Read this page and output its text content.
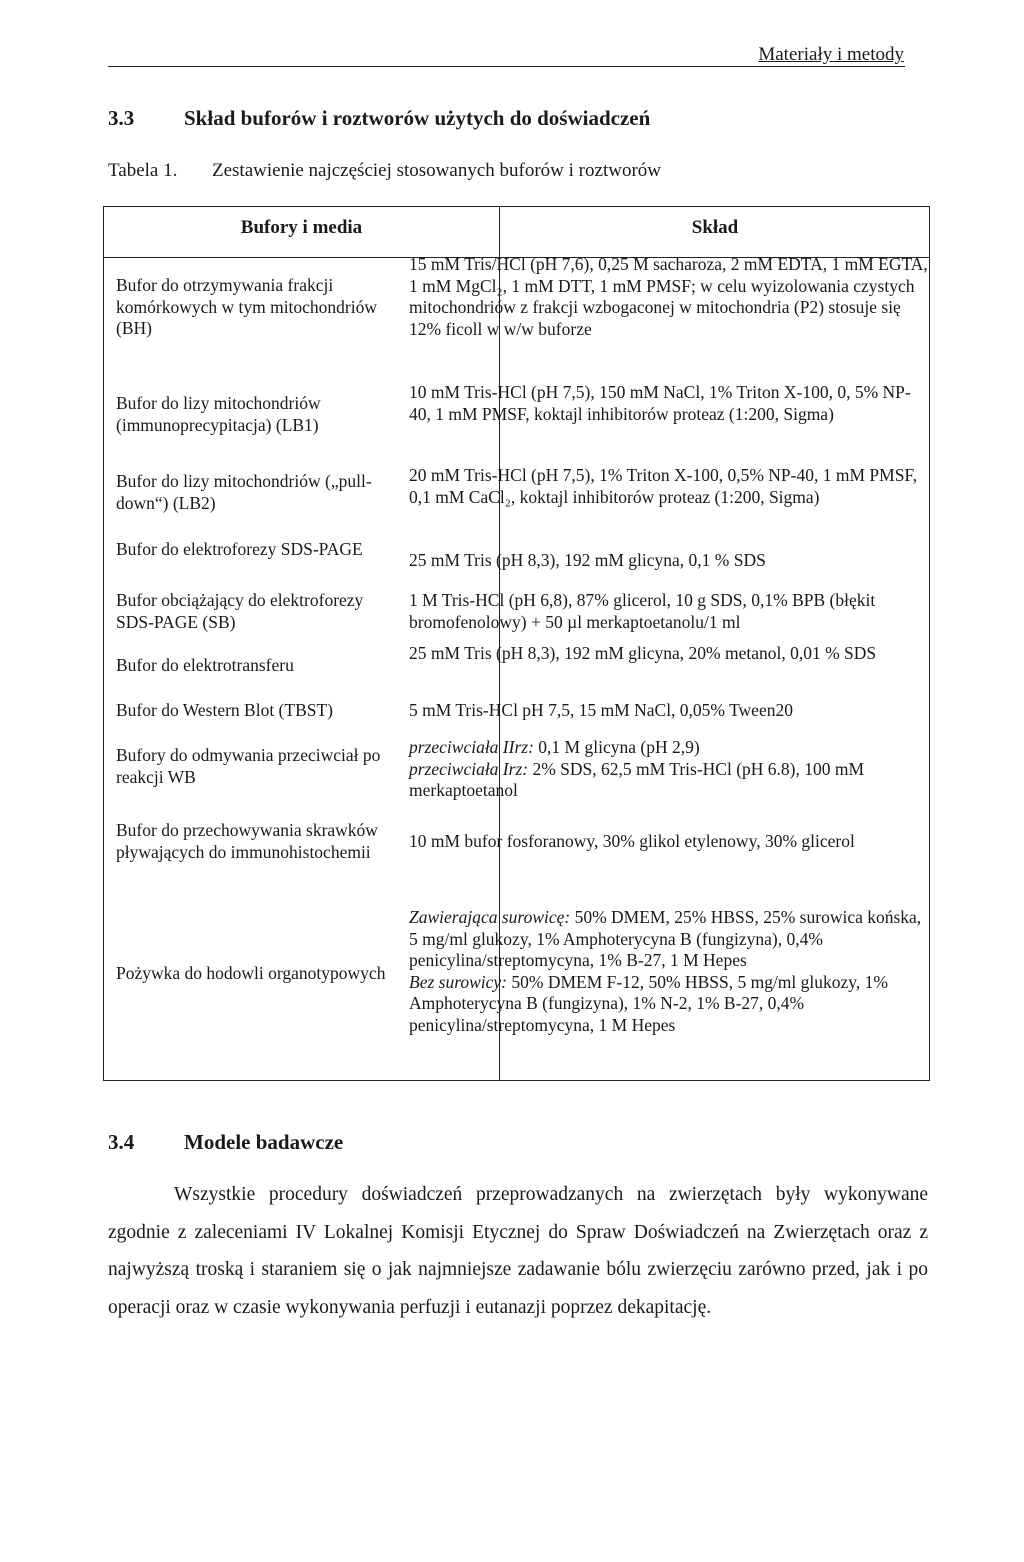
Materiały i metody
3.3 Skład buforów i roztworów użytych do doświadczeń
Tabela 1. Zestawienie najczęściej stosowanych buforów i roztworów
Bufory i media	Skład
Bufor do otrzymywania frakcji komórkowych w tym mitochondriów (BH)
15 mM Tris/HCl (pH 7,6), 0,25 M sacharoza, 2 mM EDTA, 1 mM EGTA, 1 mM MgCl₂, 1 mM DTT, 1 mM PMSF; w celu wyizolowania czystych mitochondriów z frakcji wzbogaconej w mitochondria (P2) stosuje się 12% ficoll w w/w buforze
Bufor do lizy mitochondriów (immunoprecypitacja) (LB1)
10 mM Tris-HCl (pH 7,5), 150 mM NaCl, 1% Triton X-100, 0, 5% NP-40, 1 mM PMSF, koktajl inhibitorów proteaz (1:200, Sigma)
Bufor do lizy mitochondriów („pull-down“) (LB2)
20 mM Tris-HCl (pH 7,5), 1% Triton X-100, 0,5% NP-40, 1 mM PMSF, 0,1 mM CaCl₂, koktajl inhibitorów proteaz (1:200, Sigma)
Bufor do elektroforezy SDS-PAGE
25 mM Tris (pH 8,3), 192 mM glicyna, 0,1 % SDS
Bufor obciążający do elektroforezy SDS-PAGE (SB)
1 M Tris-HCl (pH 6,8), 87% glicerol, 10 g SDS, 0,1% BPB (błękit bromofenolowy) + 50 µl merkaptoetanolu/1 ml
Bufor do elektrotransferu
25 mM Tris (pH 8,3), 192 mM glicyna, 20% metanol, 0,01 % SDS
Bufor do Western Blot (TBST)	5 mM Tris-HCl pH 7,5, 15 mM NaCl, 0,05% Tween20
Bufory do odmywania przeciwciał po reakcji WB
przeciwciała IIrz: 0,1 M glicyna (pH 2,9)
przeciwciała Irz: 2% SDS, 62,5 mM Tris-HCl (pH 6.8), 100 mM merkaptoetanol
Bufor do przechowywania skrawków pływających do immunohistochemii
10 mM bufor fosforanowy, 30% glikol etylenowy, 30% glicerol
Pożywka do hodowli organotypowych
Zawierająca surowicę: 50% DMEM, 25% HBSS, 25% surowica końska, 5 mg/ml glukozy, 1% Amphoterycyna B (fungizyna), 0,4% penicylina/streptomycyna, 1% B-27, 1 M Hepes
Bez surowicy: 50% DMEM F-12, 50% HBSS, 5 mg/ml glukozy, 1% Amphoterycyna B (fungizyna), 1% N-2, 1% B-27, 0,4% penicylina/streptomycyna, 1 M Hepes
3.4 Modele badawcze
Wszystkie procedury doświadczeń przeprowadzanych na zwierzętach były wykonywane zgodnie z zaleceniami IV Lokalnej Komisji Etycznej do Spraw Doświadczeń na Zwierzętach oraz z najwyższą troską i staraniem się o jak najmniejsze zadawanie bólu zwierzęciu zarówno przed, jak i po operacji oraz w czasie wykonywania perfuzji i eutanazji poprzez dekapitację.
